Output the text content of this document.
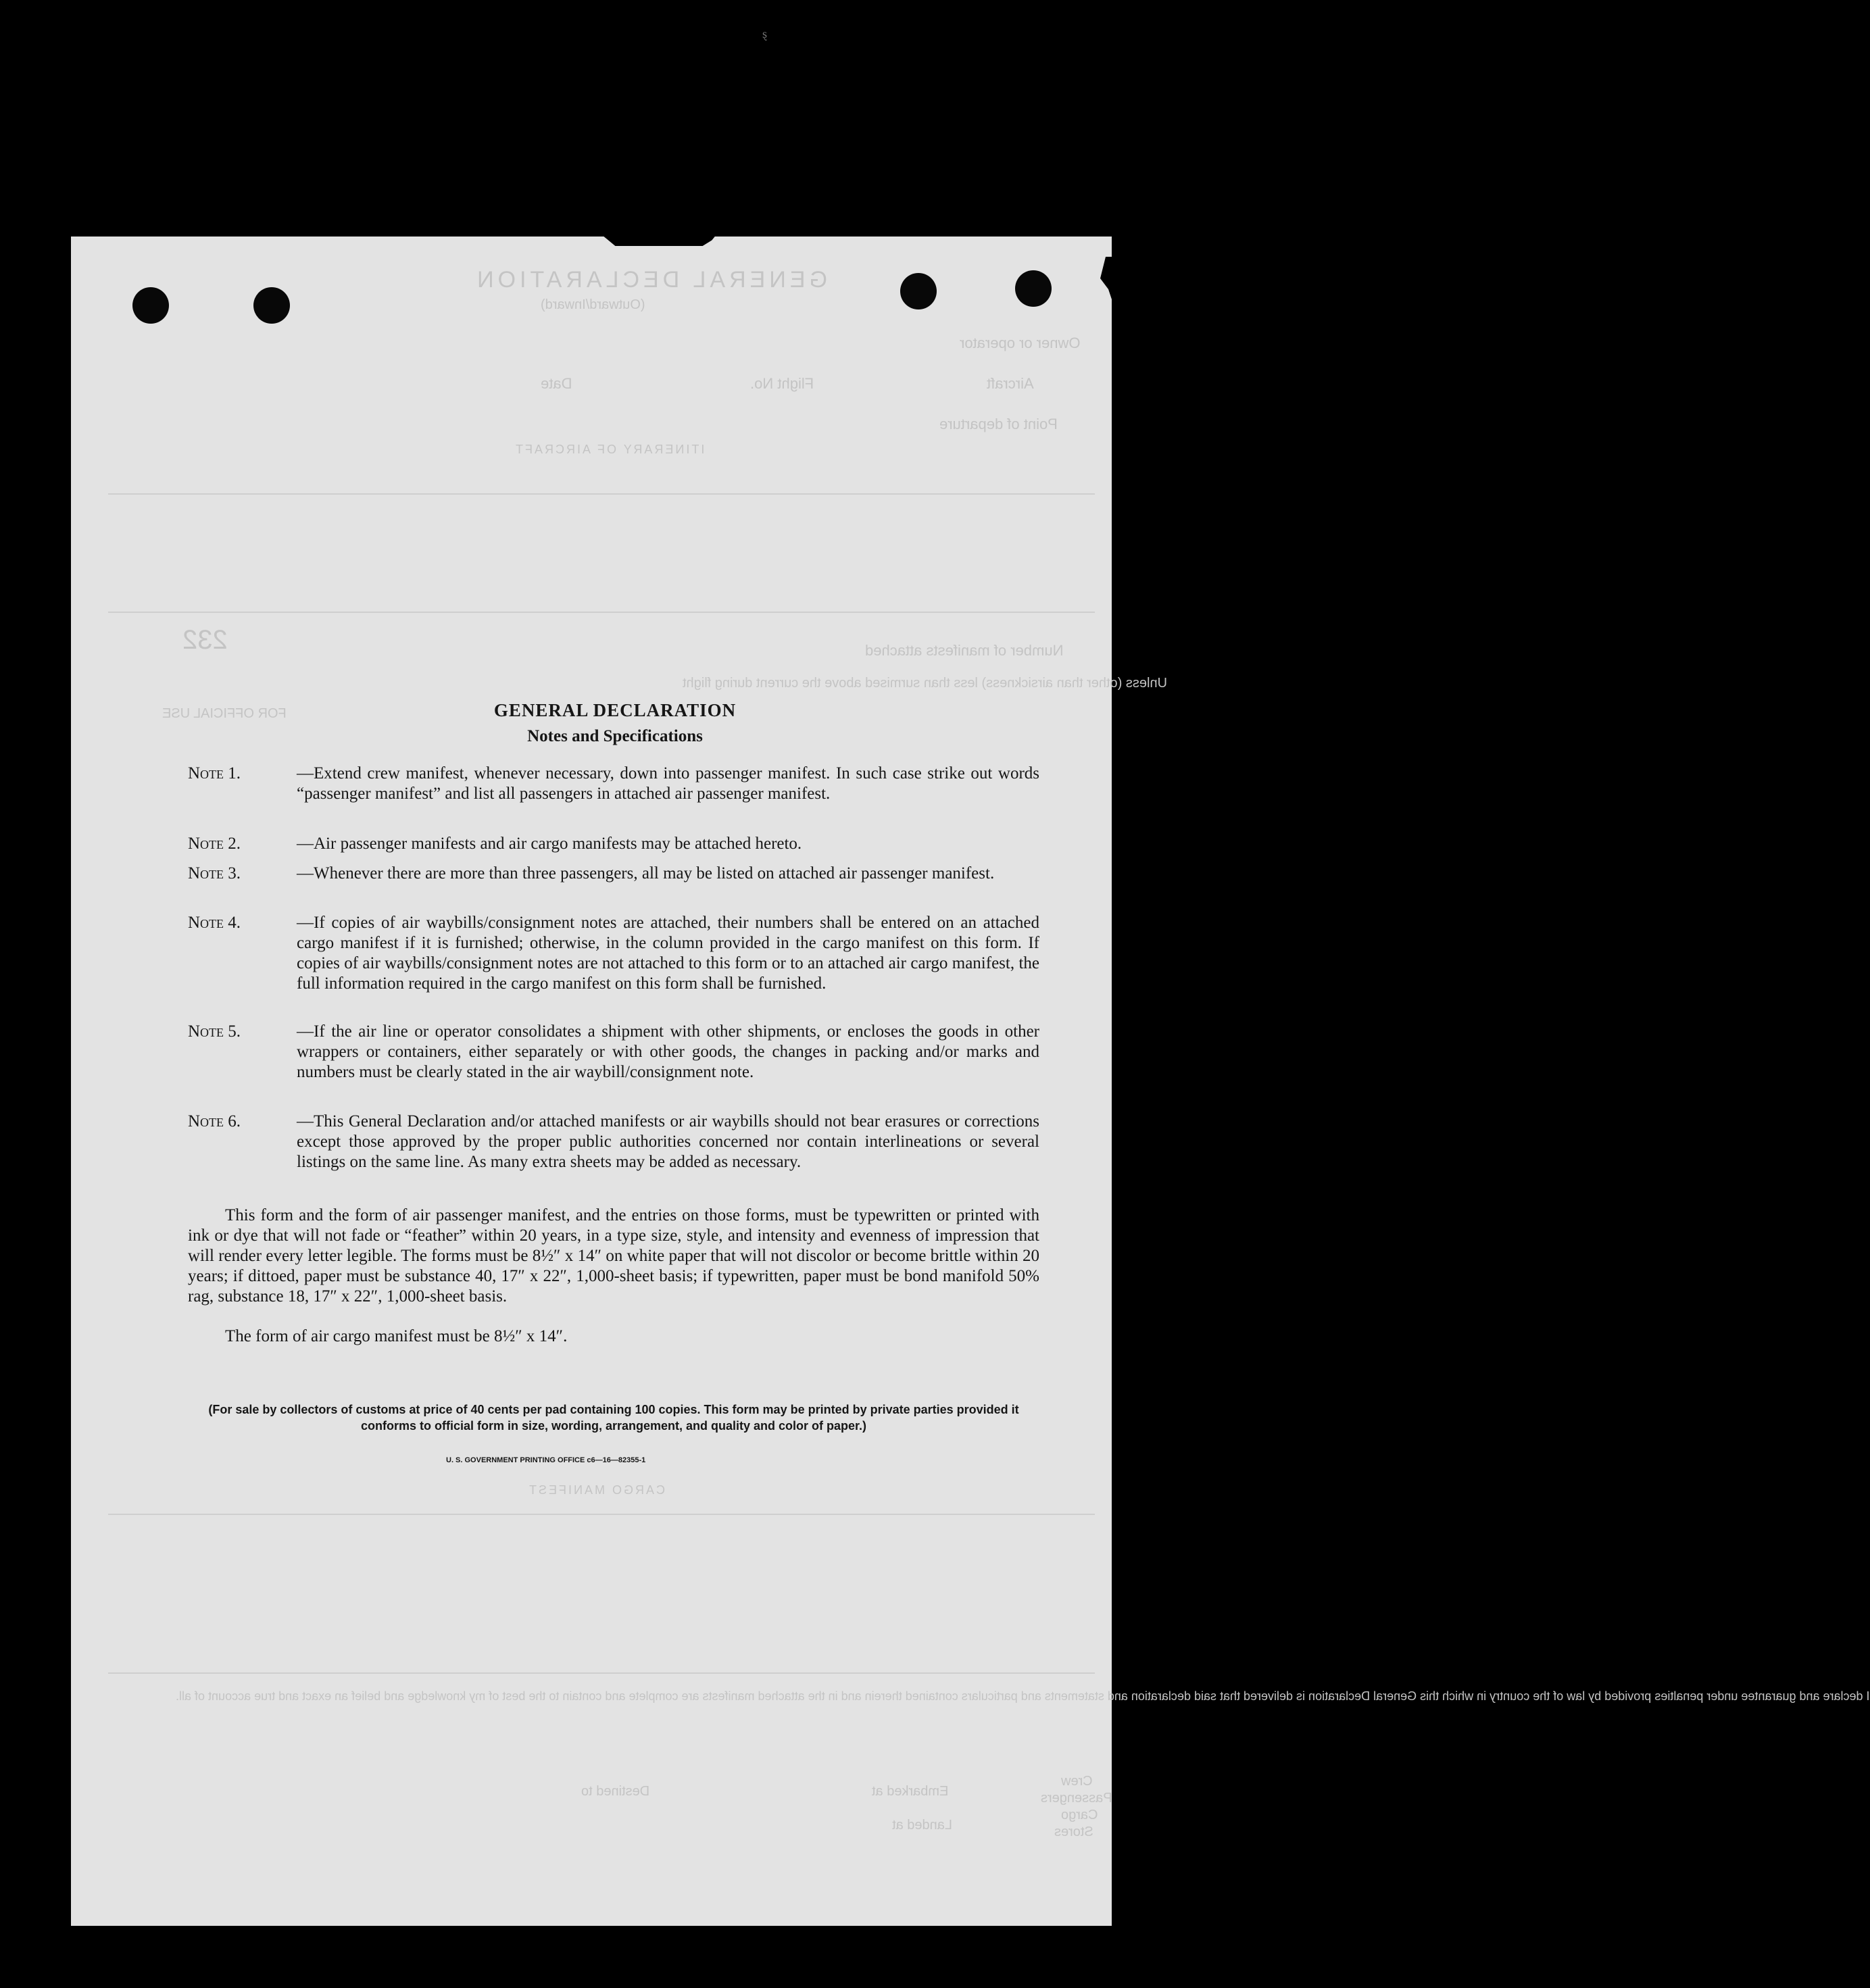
ȿ
GENERAL DECLARATION
(Outward/Inward)
Owner or operator
Aircraft
Flight No.
Date
Point of departure
ITINERARY OF AIRCRAFT
Number of manifests attached
232
Unless (other than airsickness) less than surmised above the current during flight
FOR OFFICIAL USE
CARGO MANIFEST
I declare and guarantee under penalties provided by law of the country in which this General Declaration is delivered that said declaration and statements and particulars contained therein and in the attached manifests are complete and contain to the best of my knowledge and belief an exact and true account of all.
Crew
Passengers
Cargo
Stores
Embarked at
Destined to
Landed at
GENERAL DECLARATION
Notes and Specifications
Note 1.	—Extend crew manifest, whenever necessary, down into passenger manifest. In such case strike out words “passenger manifest” and list all passengers in attached air passenger manifest.
Note 2.	—Air passenger manifests and air cargo manifests may be attached hereto.
Note 3.	—Whenever there are more than three passengers, all may be listed on attached air passenger manifest.
Note 4.	—If copies of air waybills/consignment notes are attached, their numbers shall be entered on an attached cargo manifest if it is furnished; otherwise, in the column provided in the cargo manifest on this form. If copies of air waybills/consignment notes are not attached to this form or to an attached air cargo manifest, the full information required in the cargo manifest on this form shall be furnished.
Note 5.	—If the air line or operator consolidates a shipment with other shipments, or encloses the goods in other wrappers or containers, either separately or with other goods, the changes in packing and/or marks and numbers must be clearly stated in the air waybill/consignment note.
Note 6.	—This General Declaration and/or attached manifests or air waybills should not bear erasures or corrections except those approved by the proper public authorities concerned nor contain interlineations or several listings on the same line. As many extra sheets may be added as necessary.
This form and the form of air passenger manifest, and the entries on those forms, must be typewritten or printed with ink or dye that will not fade or “feather” within 20 years, in a type size, style, and intensity and evenness of impression that will render every letter legible. The forms must be 8½″ x 14″ on white paper that will not discolor or become brittle within 20 years; if dittoed, paper must be substance 40, 17″ x 22″, 1,000-sheet basis; if typewritten, paper must be bond manifold 50% rag, substance 18, 17″ x 22″, 1,000-sheet basis.
The form of air cargo manifest must be 8½″ x 14″.
(For sale by collectors of customs at price of 40 cents per pad containing 100 copies. This form may be printed by private parties provided it conforms to official form in size, wording, arrangement, and quality and color of paper.)
U. S. GOVERNMENT PRINTING OFFICE c6—16—82355-1
